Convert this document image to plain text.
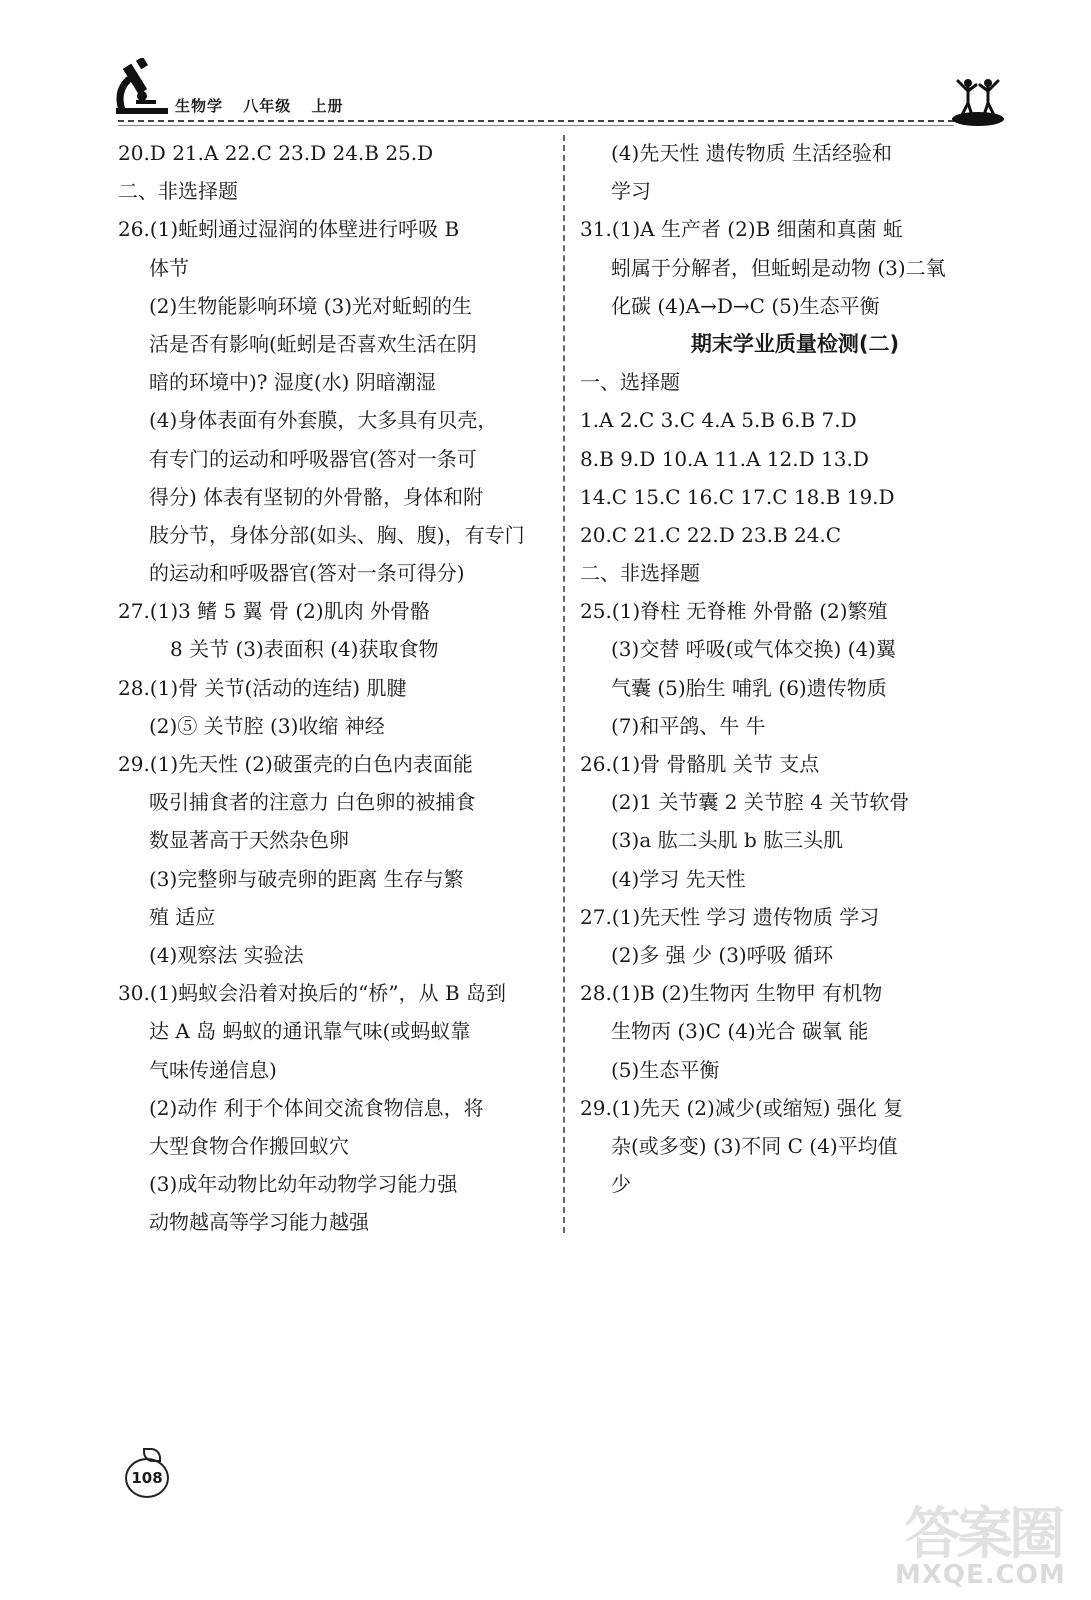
生物学 八年级 上册
20.D 21.A 22.C 23.D 24.B 25.D
二、非选择题
26.(1)蚯蚓通过湿润的体壁进行呼吸 B
体节
(2)生物能影响环境 (3)光对蚯蚓的生
活是否有影响(蚯蚓是否喜欢生活在阴
暗的环境中)? 湿度(水) 阴暗潮湿
(4)身体表面有外套膜，大多具有贝壳，
有专门的运动和呼吸器官(答对一条可
得分) 体表有坚韧的外骨骼，身体和附
肢分节，身体分部(如头、胸、腹)，有专门
的运动和呼吸器官(答对一条可得分)
27.(1)3 鳍 5 翼 骨 (2)肌肉 外骨骼
8 关节 (3)表面积 (4)获取食物
28.(1)骨 关节(活动的连结) 肌腱
(2)⑤ 关节腔 (3)收缩 神经
29.(1)先天性 (2)破蛋壳的白色内表面能
吸引捕食者的注意力 白色卵的被捕食
数显著高于天然杂色卵
(3)完整卵与破壳卵的距离 生存与繁
殖 适应
(4)观察法 实验法
30.(1)蚂蚁会沿着对换后的“桥”，从 B 岛到
达 A 岛 蚂蚁的通讯靠气味(或蚂蚁靠
气味传递信息)
(2)动作 利于个体间交流食物信息，将
大型食物合作搬回蚁穴
(3)成年动物比幼年动物学习能力强
动物越高等学习能力越强
(4)先天性 遗传物质 生活经验和
学习
31.(1)A 生产者 (2)B 细菌和真菌 蚯
蚓属于分解者，但蚯蚓是动物 (3)二氧
化碳 (4)A→D→C (5)生态平衡
期末学业质量检测(二)
一、选择题
1.A 2.C 3.C 4.A 5.B 6.B 7.D
8.B 9.D 10.A 11.A 12.D 13.D
14.C 15.C 16.C 17.C 18.B 19.D
20.C 21.C 22.D 23.B 24.C
二、非选择题
25.(1)脊柱 无脊椎 外骨骼 (2)繁殖
(3)交替 呼吸(或气体交换) (4)翼
气囊 (5)胎生 哺乳 (6)遗传物质
(7)和平鸽、牛 牛
26.(1)骨 骨骼肌 关节 支点
(2)1 关节囊 2 关节腔 4 关节软骨
(3)a 肱二头肌 b 肱三头肌
(4)学习 先天性
27.(1)先天性 学习 遗传物质 学习
(2)多 强 少 (3)呼吸 循环
28.(1)B (2)生物丙 生物甲 有机物
生物丙 (3)C (4)光合 碳氧 能
(5)生态平衡
29.(1)先天 (2)减少(或缩短) 强化 复
杂(或多变) (3)不同 C (4)平均值
少
108
答案圈
MXQE.COM
